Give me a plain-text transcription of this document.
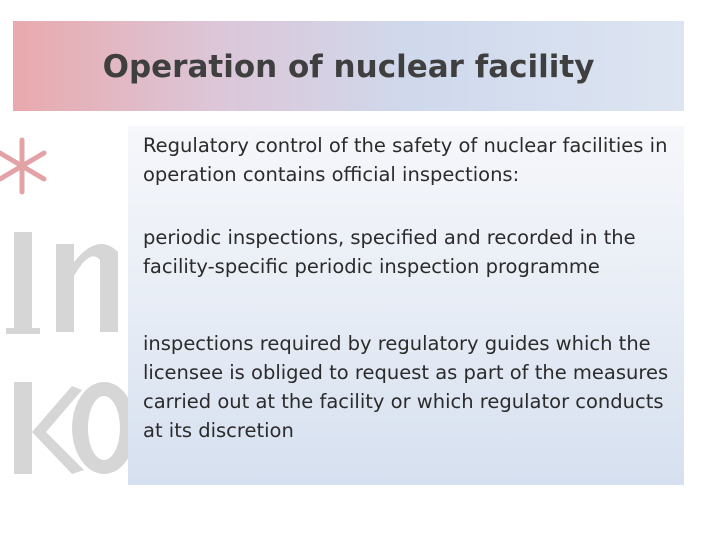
Operation of nuclear facility

Regulatory control of the safety of nuclear facilities in operation contains official inspections:

periodic inspections, specified and recorded in the facility-specific periodic inspection programme

inspections required by regulatory guides which the licensee is obliged to request as part of the measures carried out at the facility or which regulator conducts at its discretion
